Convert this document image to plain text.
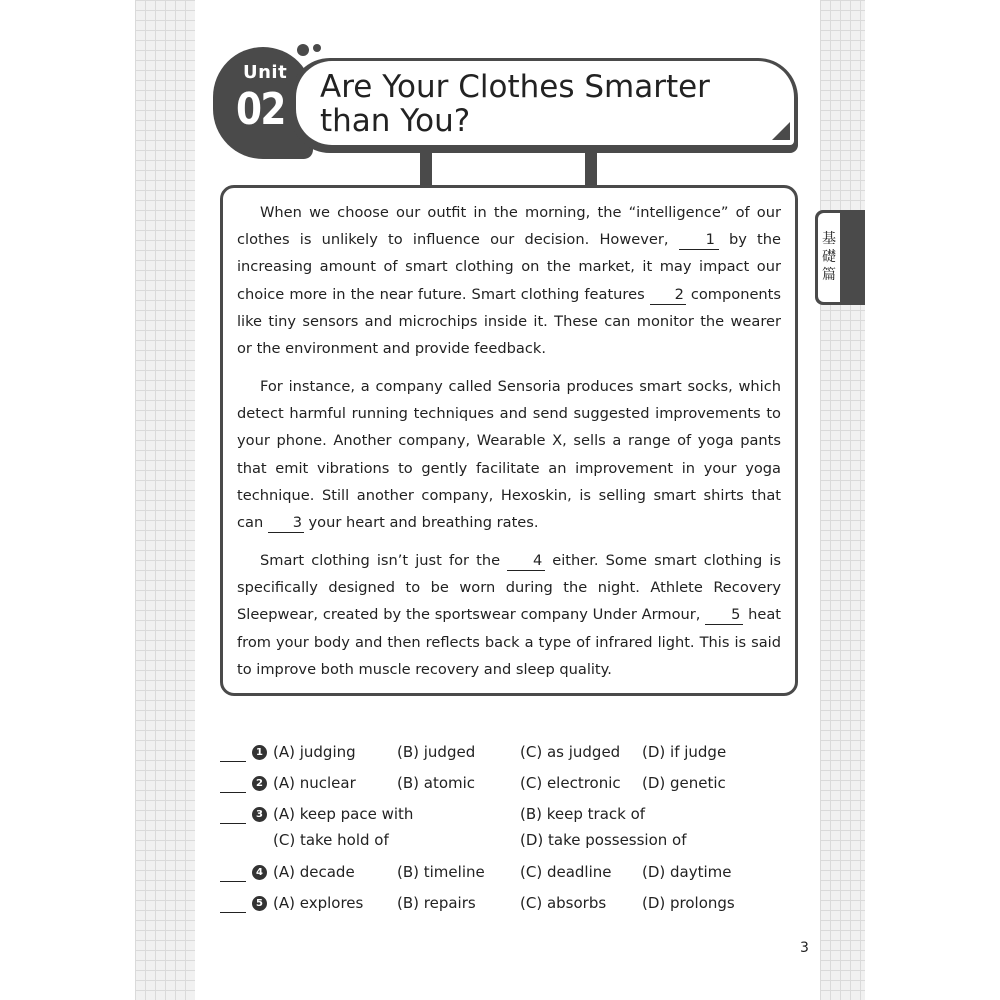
Unit
02 Are Your Clothes Smarter than You?
基礎篇
When we choose our outfit in the morning, the “intelligence” of our clothes is unlikely to influence our decision. However,	1 by the increasing amount of smart clothing on the market, it may impact our choice more in the near future. Smart clothing features 2 components like tiny sensors and microchips inside it. These can monitor the wearer or the environment and provide feedback.
For instance, a company called Sensoria produces smart socks, which detect harmful running techniques and send suggested improvements to your phone. Another company, Wearable X, sells a range of yoga pants that emit vibrations to gently facilitate an improvement in your yoga technique. Still another company, Hexoskin, is selling smart shirts that can 3 your heart and breathing rates.
Smart clothing isn’t just for the 4 either. Some smart clothing is specifically designed to be worn during the night. Athlete Recovery Sleepwear, created by the sportswear company Under Armour, 5 heat from your body and then reflects back a type of infrared light. This is said to improve both muscle recovery and sleep quality.
1 (A) judging	(B) judged	(C) as judged (D) if judge
2 (A) nuclear	(B) atomic	(C) electronic (D) genetic
3 (A) keep pace with	(B) keep track of
(C) take hold of	(D) take possession of
4 (A) decade	(B) timeline (C) deadline (D) daytime
5 (A) explores (B) repairs	(C) absorbs (D) prolongs
3
